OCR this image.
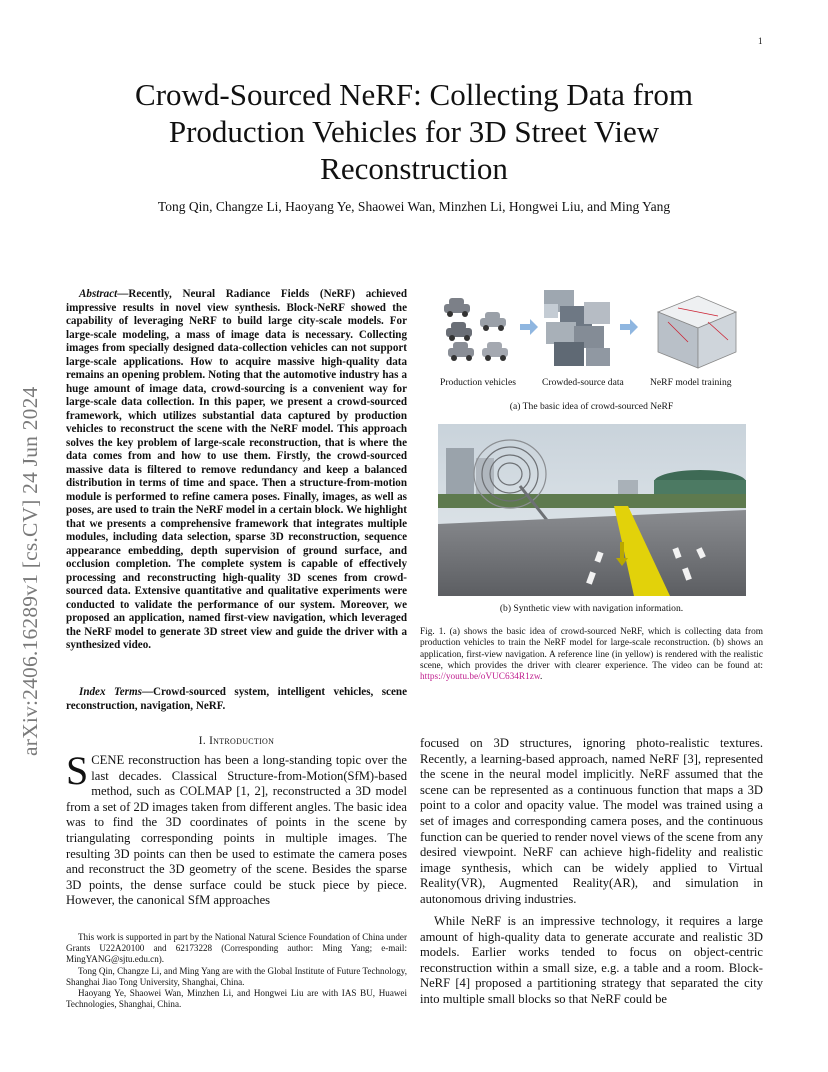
1
arXiv:2406.16289v1 [cs.CV] 24 Jun 2024
Crowd-Sourced NeRF: Collecting Data from Production Vehicles for 3D Street View Reconstruction
Tong Qin, Changze Li, Haoyang Ye, Shaowei Wan, Minzhen Li, Hongwei Liu, and Ming Yang
Abstract—Recently, Neural Radiance Fields (NeRF) achieved impressive results in novel view synthesis. Block-NeRF showed the capability of leveraging NeRF to build large city-scale models. For large-scale modeling, a mass of image data is necessary. Collecting images from specially designed data-collection vehicles can not support large-scale applications. How to acquire massive high-quality data remains an opening problem. Noting that the automotive industry has a huge amount of image data, crowd-sourcing is a convenient way for large-scale data collection. In this paper, we present a crowd-sourced framework, which utilizes substantial data captured by production vehicles to reconstruct the scene with the NeRF model. This approach solves the key problem of large-scale reconstruction, that is where the data comes from and how to use them. Firstly, the crowd-sourced massive data is filtered to remove redundancy and keep a balanced distribution in terms of time and space. Then a structure-from-motion module is performed to refine camera poses. Finally, images, as well as poses, are used to train the NeRF model in a certain block. We highlight that we presents a comprehensive framework that integrates multiple modules, including data selection, sparse 3D reconstruction, sequence appearance embedding, depth supervision of ground surface, and occlusion completion. The complete system is capable of effectively processing and reconstructing high-quality 3D scenes from crowd-sourced data. Extensive quantitative and qualitative experiments were conducted to validate the performance of our system. Moreover, we proposed an application, named first-view navigation, which leveraged the NeRF model to generate 3D street view and guide the driver with a synthesized video.
Index Terms—Crowd-sourced system, intelligent vehicles, scene reconstruction, navigation, NeRF.
I. Introduction
SCENE reconstruction has been a long-standing topic over the last decades. Classical Structure-from-Motion(SfM)-based method, such as COLMAP [1, 2], reconstructed a 3D model from a set of 2D images taken from different angles. The basic idea was to find the 3D coordinates of points in the scene by triangulating corresponding points in multiple images. The resulting 3D points can then be used to estimate the camera poses and reconstruct the 3D geometry of the scene. Besides the sparse 3D points, the dense surface could be stuck piece by piece. However, the canonical SfM approaches

This work is supported in part by the National Natural Science Foundation of China under Grants U22A20100 and 62173228 (Corresponding author: Ming Yang; e-mail: MingYANG@sjtu.edu.cn).

Tong Qin, Changze Li, and Ming Yang are with the Global Institute of Future Technology, Shanghai Jiao Tong University, Shanghai, China.

Haoyang Ye, Shaowei Wan, Minzhen Li, and Hongwei Liu are with IAS BU, Huawei Technologies, Shanghai, China.

Production vehicles	Crowded-source data	NeRF model training
(a) The basic idea of crowd-sourced NeRF
(b) Synthetic view with navigation information.
Fig. 1. (a) shows the basic idea of crowd-sourced NeRF, which is collecting data from production vehicles to train the NeRF model for large-scale reconstruction. (b) shows an application, first-view navigation. A reference line (in yellow) is rendered with the realistic scene, which provides the driver with clearer experience. The video can be found at: https://youtu.be/oVUC634R1zw.
focused on 3D structures, ignoring photo-realistic textures. Recently, a learning-based approach, named NeRF [3], represented the scene in the neural model implicitly. NeRF assumed that the scene can be represented as a continuous function that maps a 3D point to a color and opacity value. The model was trained using a set of images and corresponding camera poses, and the continuous function can be queried to render novel views of the scene from any desired viewpoint. NeRF can achieve high-fidelity and realistic image synthesis, which can be widely applied to Virtual Reality(VR), Augmented Reality(AR), and simulation in autonomous driving industries.
While NeRF is an impressive technology, it requires a large amount of high-quality data to generate accurate and realistic 3D models. Earlier works tended to focus on object-centric reconstruction within a small size, e.g. a table and a room. Block-NeRF [4] proposed a partitioning strategy that separated the city into multiple small blocks so that NeRF could be
